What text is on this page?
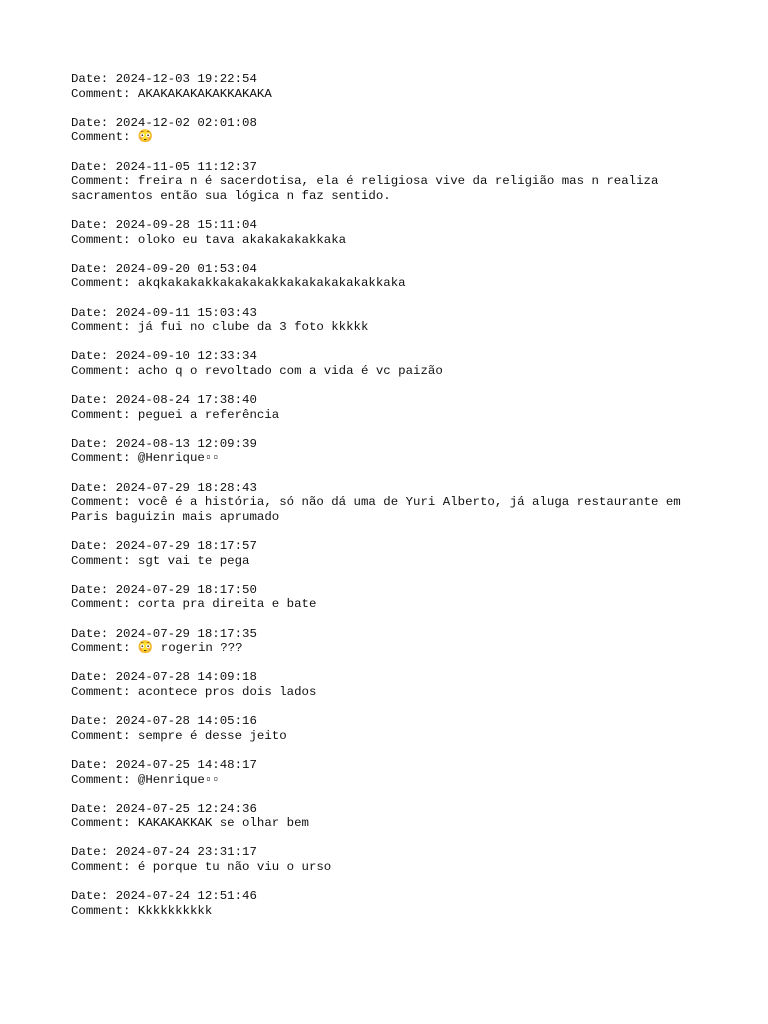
Date: 2024-12-03 19:22:54
Comment: AKAKAKAKAKAKKAKAKA
Date: 2024-12-02 02:01:08
Comment: 😳
Date: 2024-11-05 11:12:37
Comment: freira n é sacerdotisa, ela é religiosa vive da religião mas n realiza sacramentos então sua lógica n faz sentido.
Date: 2024-09-28 15:11:04
Comment: oloko eu tava akakakakakkaka
Date: 2024-09-20 01:53:04
Comment: akqkakakakkakakakakkakakakakakakkaka
Date: 2024-09-11 15:03:43
Comment: já fui no clube da 3 foto kkkkk
Date: 2024-09-10 12:33:34
Comment: acho q o revoltado com a vida é vc paizão
Date: 2024-08-24 17:38:40
Comment: peguei a referência
Date: 2024-08-13 12:09:39
Comment: @Henrique▫▫
Date: 2024-07-29 18:28:43
Comment: você é a história, só não dá uma de Yuri Alberto, já aluga restaurante em Paris baguizin mais aprumado
Date: 2024-07-29 18:17:57
Comment: sgt vai te pega
Date: 2024-07-29 18:17:50
Comment: corta pra direita e bate
Date: 2024-07-29 18:17:35
Comment: 😳 rogerin ???
Date: 2024-07-28 14:09:18
Comment: acontece pros dois lados
Date: 2024-07-28 14:05:16
Comment: sempre é desse jeito
Date: 2024-07-25 14:48:17
Comment: @Henrique▫▫
Date: 2024-07-25 12:24:36
Comment: KAKAKAKKAK se olhar bem
Date: 2024-07-24 23:31:17
Comment: é porque tu não viu o urso
Date: 2024-07-24 12:51:46
Comment: Kkkkkkkkkk
